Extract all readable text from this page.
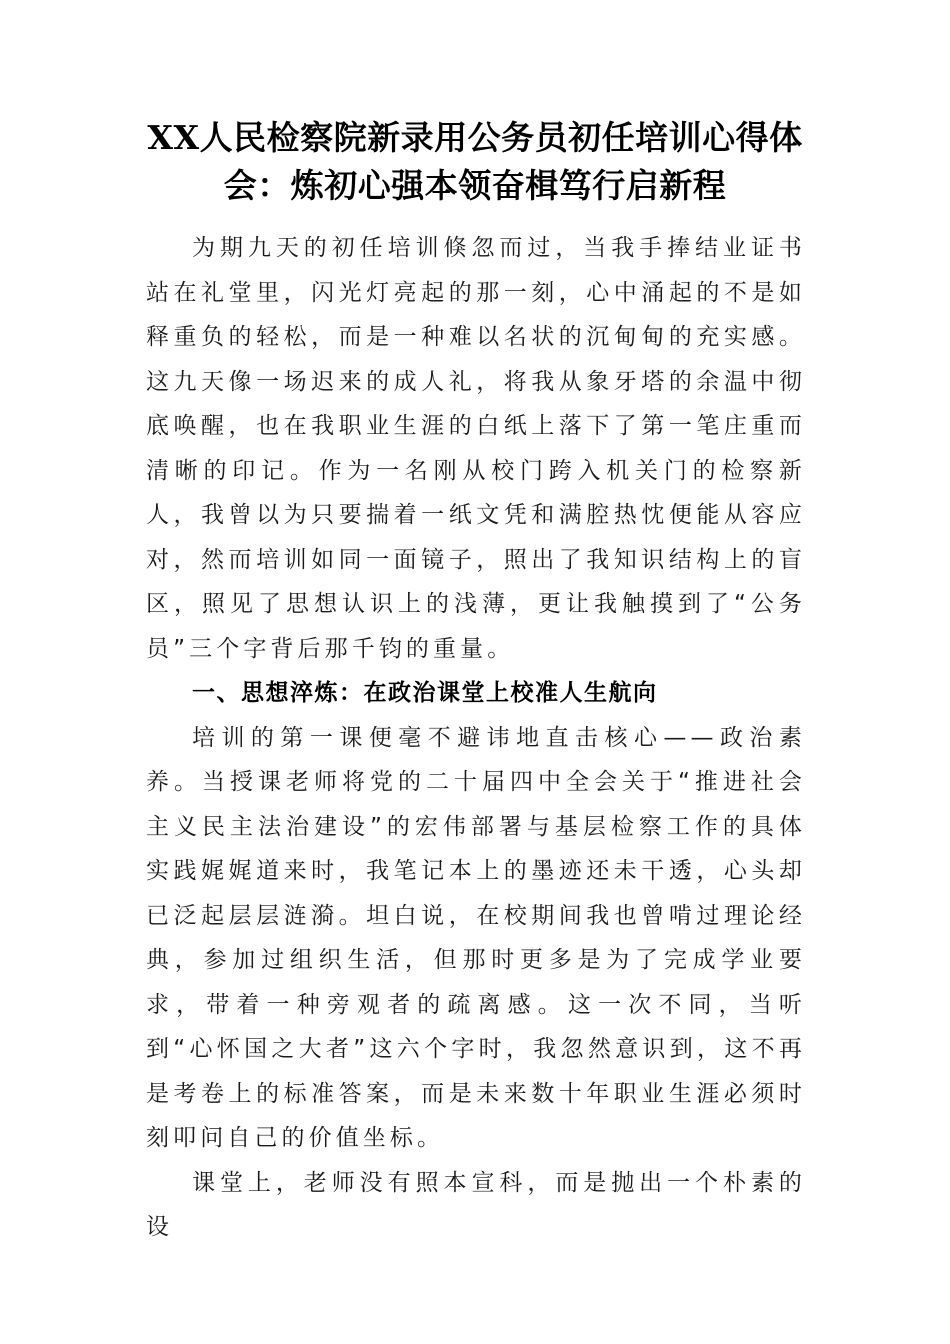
XX人民检察院新录用公务员初任培训心得体会：炼初心强本领奋楫笃行启新程

为期九天的初任培训倏忽而过，当我手捧结业证书站在礼堂里，闪光灯亮起的那一刻，心中涌起的不是如释重负的轻松，而是一种难以名状的沉甸甸的充实感。这九天像一场迟来的成人礼，将我从象牙塔的余温中彻底唤醒，也在我职业生涯的白纸上落下了第一笔庄重而清晰的印记。作为一名刚从校门跨入机关门的检察新人，我曾以为只要揣着一纸文凭和满腔热忱便能从容应对，然而培训如同一面镜子，照出了我知识结构上的盲区，照见了思想认识上的浅薄，更让我触摸到了“公务员”三个字背后那千钧的重量。

一、思想淬炼：在政治课堂上校准人生航向

培训的第一课便毫不避讳地直击核心——政治素养。当授课老师将党的二十届四中全会关于“推进社会主义民主法治建设”的宏伟部署与基层检察工作的具体实践娓娓道来时，我笔记本上的墨迹还未干透，心头却已泛起层层涟漪。坦白说，在校期间我也曾啃过理论经典，参加过组织生活，但那时更多是为了完成学业要求，带着一种旁观者的疏离感。这一次不同，当听到“心怀国之大者”这六个字时，我忽然意识到，这不再是考卷上的标准答案，而是未来数十年职业生涯必须时刻叩问自己的价值坐标。

课堂上，老师没有照本宣科，而是抛出一个朴素的设
